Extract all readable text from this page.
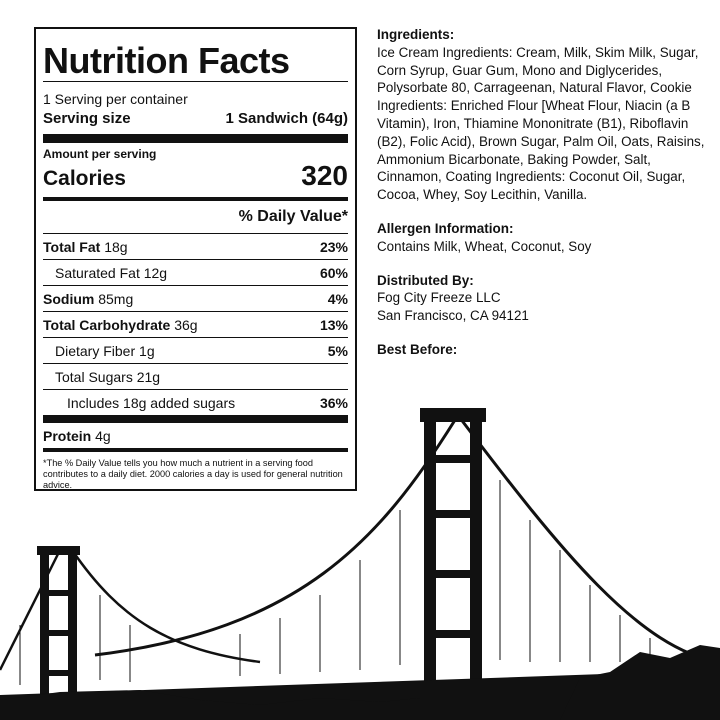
Nutrition Facts
1 Serving per container
Serving size	1 Sandwich (64g)
Amount per serving
Calories	320
% Daily Value*
Total Fat 18g	23%
Saturated Fat 12g	60%
Sodium 85mg	4%
Total Carbohydrate 36g	13%
Dietary Fiber 1g	5%
Total Sugars 21g
Includes 18g added sugars	36%
Protein 4g
*The % Daily Value tells you how much a nutrient in a serving food contributes to a daily diet. 2000 calories a day is used for general nutrition advice.
Ingredients:
Ice Cream Ingredients: Cream, Milk, Skim Milk, Sugar, Corn Syrup, Guar Gum, Mono and Diglycerides, Polysorbate 80, Carrageenan, Natural Flavor, Cookie Ingredients: Enriched Flour [Wheat Flour, Niacin (a B Vitamin), Iron, Thiamine Mononitrate (B1), Riboflavin (B2), Folic Acid), Brown Sugar, Palm Oil, Oats, Raisins, Ammonium Bicarbonate, Baking Powder, Salt, Cinnamon, Coating Ingredients: Coconut Oil, Sugar, Cocoa, Whey, Soy Lecithin, Vanilla.
Allergen Information:
Contains Milk, Wheat, Coconut, Soy
Distributed By:
Fog City Freeze LLC
San Francisco, CA 94121
Best Before:
